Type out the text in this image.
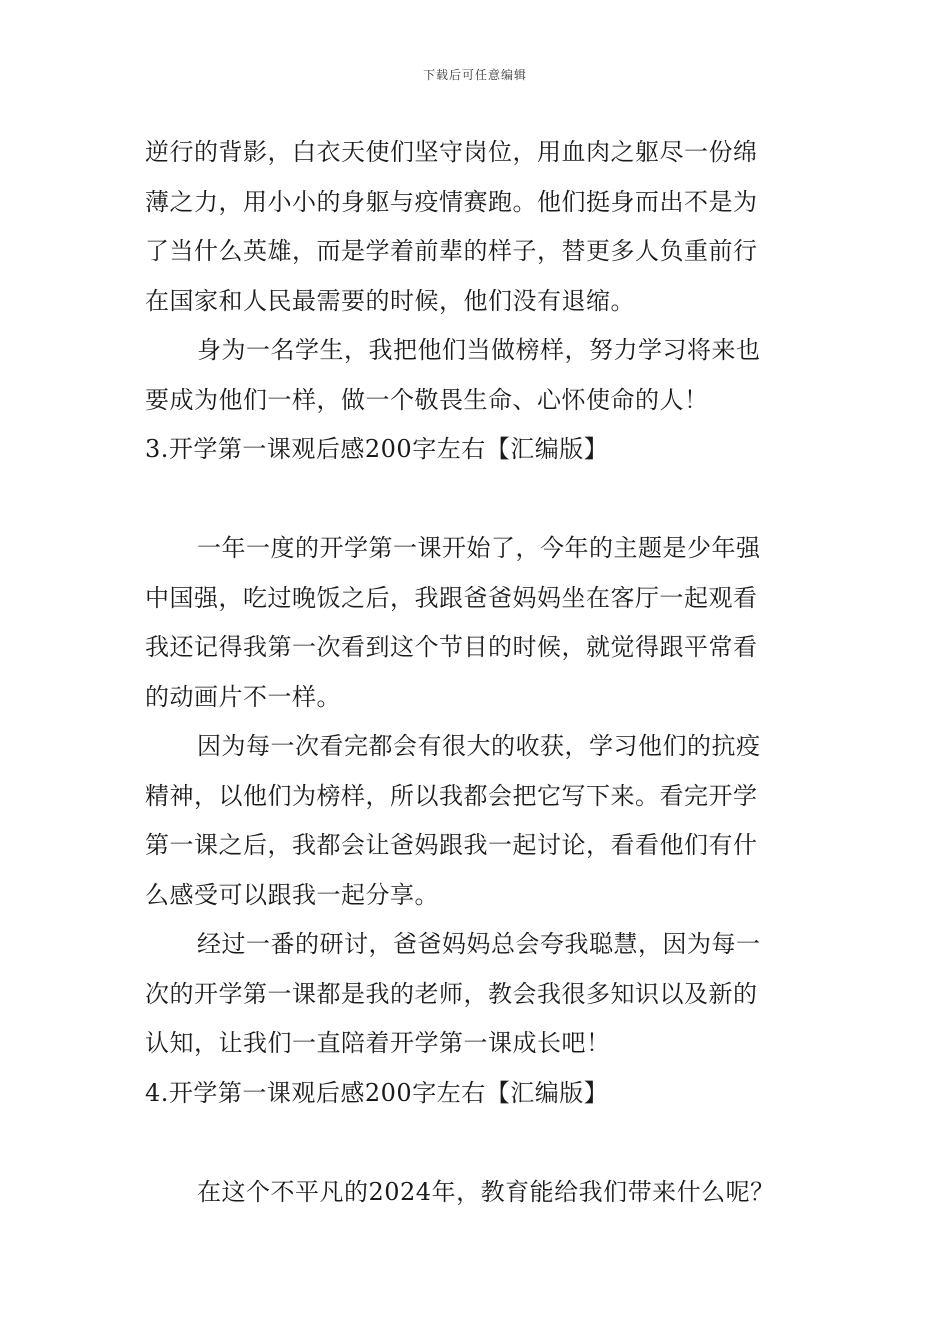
下载后可任意编辑
逆行的背影，白衣天使们坚守岗位，用血肉之躯尽一份绵
薄之力，用小小的身躯与疫情赛跑。他们挺身而出不是为
了当什么英雄，而是学着前辈的样子，替更多人负重前行
在国家和人民最需要的时候，他们没有退缩。
身为一名学生，我把他们当做榜样，努力学习将来也
要成为他们一样，做一个敬畏生命、心怀使命的人！
3.开学第一课观后感200字左右【汇编版】
一年一度的开学第一课开始了，今年的主题是少年强
中国强，吃过晚饭之后，我跟爸爸妈妈坐在客厅一起观看
我还记得我第一次看到这个节目的时候，就觉得跟平常看
的动画片不一样。
因为每一次看完都会有很大的收获，学习他们的抗疫
精神，以他们为榜样，所以我都会把它写下来。看完开学
第一课之后，我都会让爸妈跟我一起讨论，看看他们有什
么感受可以跟我一起分享。
经过一番的研讨，爸爸妈妈总会夸我聪慧，因为每一
次的开学第一课都是我的老师，教会我很多知识以及新的
认知，让我们一直陪着开学第一课成长吧！
4.开学第一课观后感200字左右【汇编版】
在这个不平凡的2024年，教育能给我们带来什么呢？
